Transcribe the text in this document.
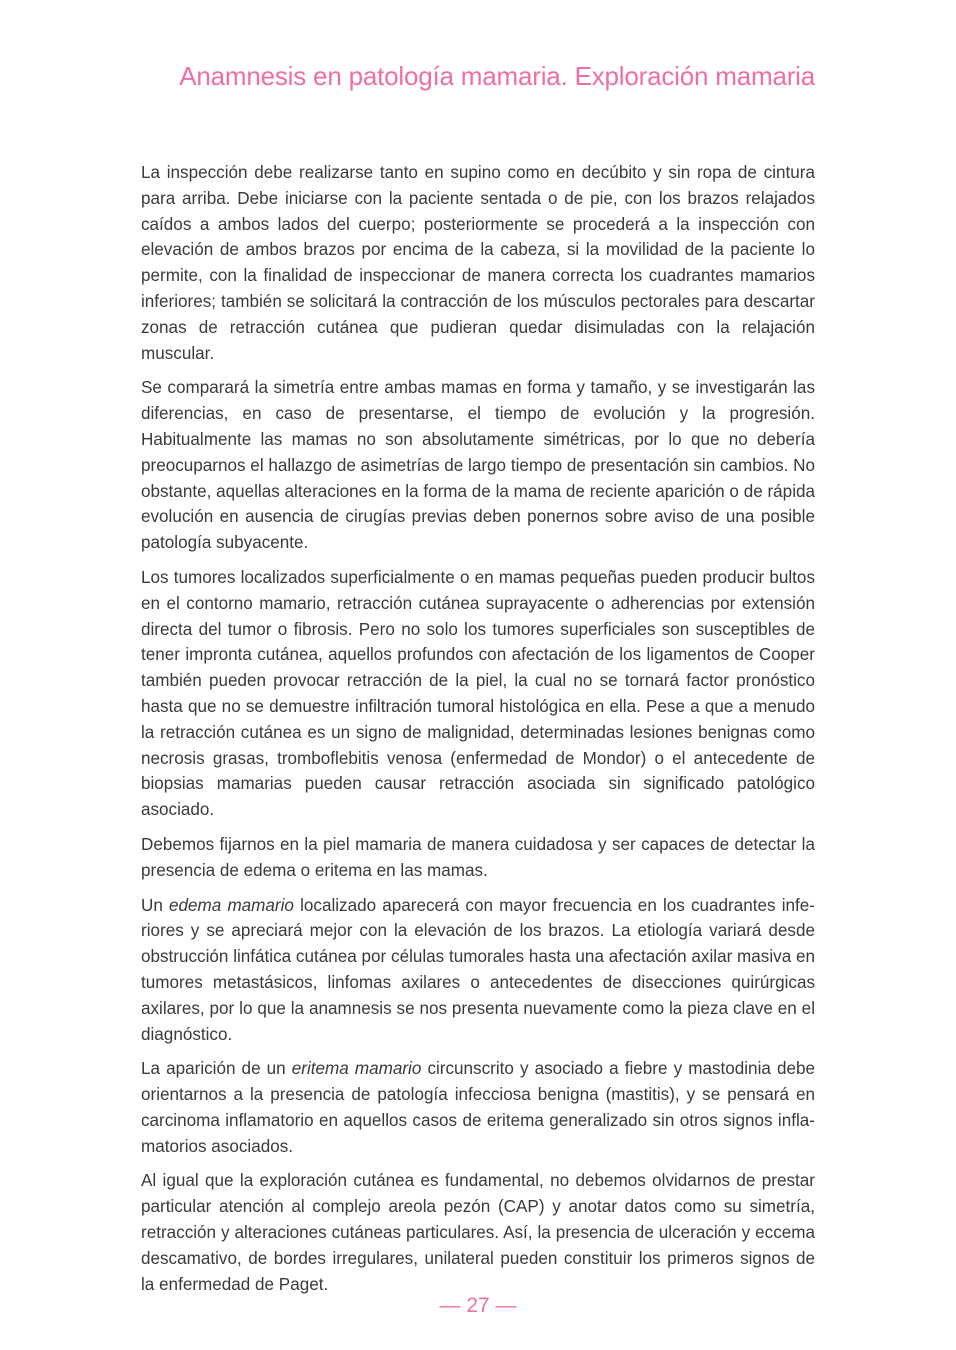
Anamnesis en patología mamaria. Exploración mamaria

La inspección debe realizarse tanto en supino como en decúbito y sin ropa de cintura para arriba. Debe iniciarse con la paciente sentada o de pie, con los brazos relajados caídos a ambos lados del cuerpo; posteriormente se procederá a la inspección con elevación de ambos brazos por encima de la cabeza, si la movilidad de la paciente lo permite, con la finalidad de inspeccionar de manera correcta los cuadrantes mamarios inferiores; también se solicitará la contracción de los músculos pectorales para descartar zonas de retracción cutánea que pudieran quedar disimuladas con la relajación muscular.

Se comparará la simetría entre ambas mamas en forma y tamaño, y se investigarán las diferencias, en caso de presentarse, el tiempo de evolución y la progresión. Habitualmente las mamas no son absolutamente simétricas, por lo que no debería preocuparnos el hallazgo de asimetrías de largo tiempo de presentación sin cambios. No obstante, aquellas alteraciones en la forma de la mama de reciente aparición o de rápida evolución en ausencia de cirugías previas deben ponernos sobre aviso de una posible patología subyacente.

Los tumores localizados superficialmente o en mamas pequeñas pueden producir bultos en el contorno mamario, retracción cutánea suprayacente o adherencias por extensión directa del tumor o fibrosis. Pero no solo los tumores superficiales son susceptibles de tener impronta cutánea, aquellos profundos con afectación de los ligamentos de Cooper también pueden provocar retracción de la piel, la cual no se tornará factor pronóstico hasta que no se demuestre infiltración tumoral histológica en ella. Pese a que a menudo la retracción cutánea es un signo de malignidad, determinadas lesiones benignas como necrosis grasas, tromboflebitis venosa (enfermedad de Mondor) o el antecedente de biopsias mamarias pueden causar retracción asociada sin significado patológico asociado.

Debemos fijarnos en la piel mamaria de manera cuidadosa y ser capaces de detectar la presencia de edema o eritema en las mamas.

Un edema mamario localizado aparecerá con mayor frecuencia en los cuadrantes inferiores y se apreciará mejor con la elevación de los brazos. La etiología variará desde obstrucción linfática cutánea por células tumorales hasta una afectación axilar masiva en tumores metastásicos, linfomas axilares o antecedentes de disecciones quirúrgicas axilares, por lo que la anamnesis se nos presenta nuevamente como la pieza clave en el diagnóstico.

La aparición de un eritema mamario circunscrito y asociado a fiebre y mastodinia debe orientarnos a la presencia de patología infecciosa benigna (mastitis), y se pensará en carcinoma inflamatorio en aquellos casos de eritema generalizado sin otros signos inflamatorios asociados.

Al igual que la exploración cutánea es fundamental, no debemos olvidarnos de prestar particular atención al complejo areola pezón (CAP) y anotar datos como su simetría, retracción y alteraciones cutáneas particulares. Así, la presencia de ulceración y eccema descamativo, de bordes irregulares, unilateral pueden constituir los primeros signos de la enfermedad de Paget.

— 27 —
